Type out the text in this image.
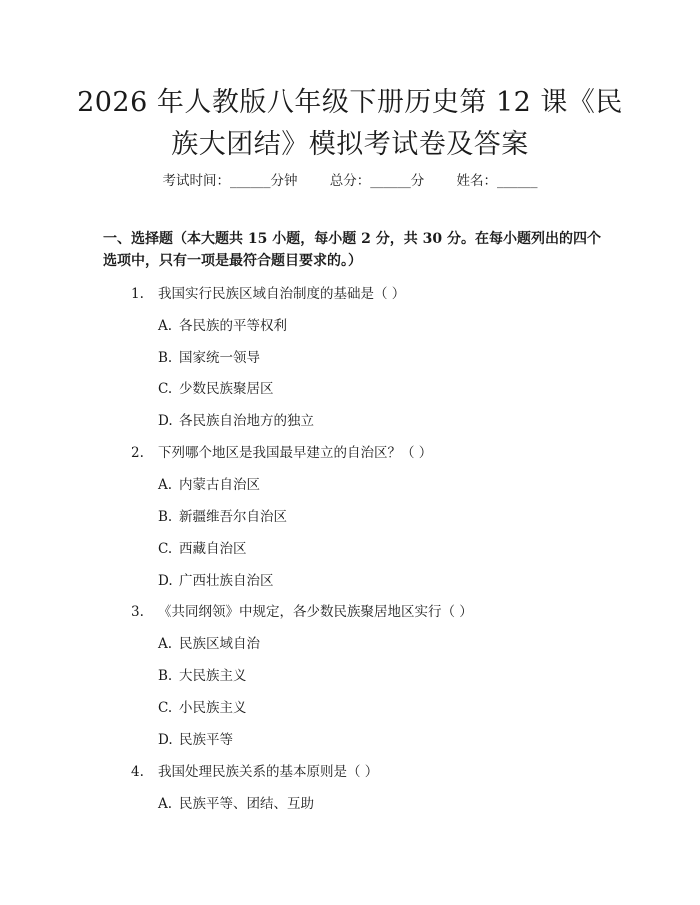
2026 年人教版八年级下册历史第 12 课《民
族大团结》模拟考试卷及答案
考试时间：______分钟 总分：______分 姓名：______

一、选择题（本大题共 15 小题，每小题 2 分，共 30 分。在每小题列出的四个选项中，只有一项是最符合题目要求的。）

1. 我国实行民族区域自治制度的基础是（ ）
A. 各民族的平等权利
B. 国家统一领导
C. 少数民族聚居区
D. 各民族自治地方的独立
2. 下列哪个地区是我国最早建立的自治区？（ ）
A. 内蒙古自治区
B. 新疆维吾尔自治区
C. 西藏自治区
D. 广西壮族自治区
3. 《共同纲领》中规定，各少数民族聚居地区实行（ ）
A. 民族区域自治
B. 大民族主义
C. 小民族主义
D. 民族平等
4. 我国处理民族关系的基本原则是（ ）
A. 民族平等、团结、互助
